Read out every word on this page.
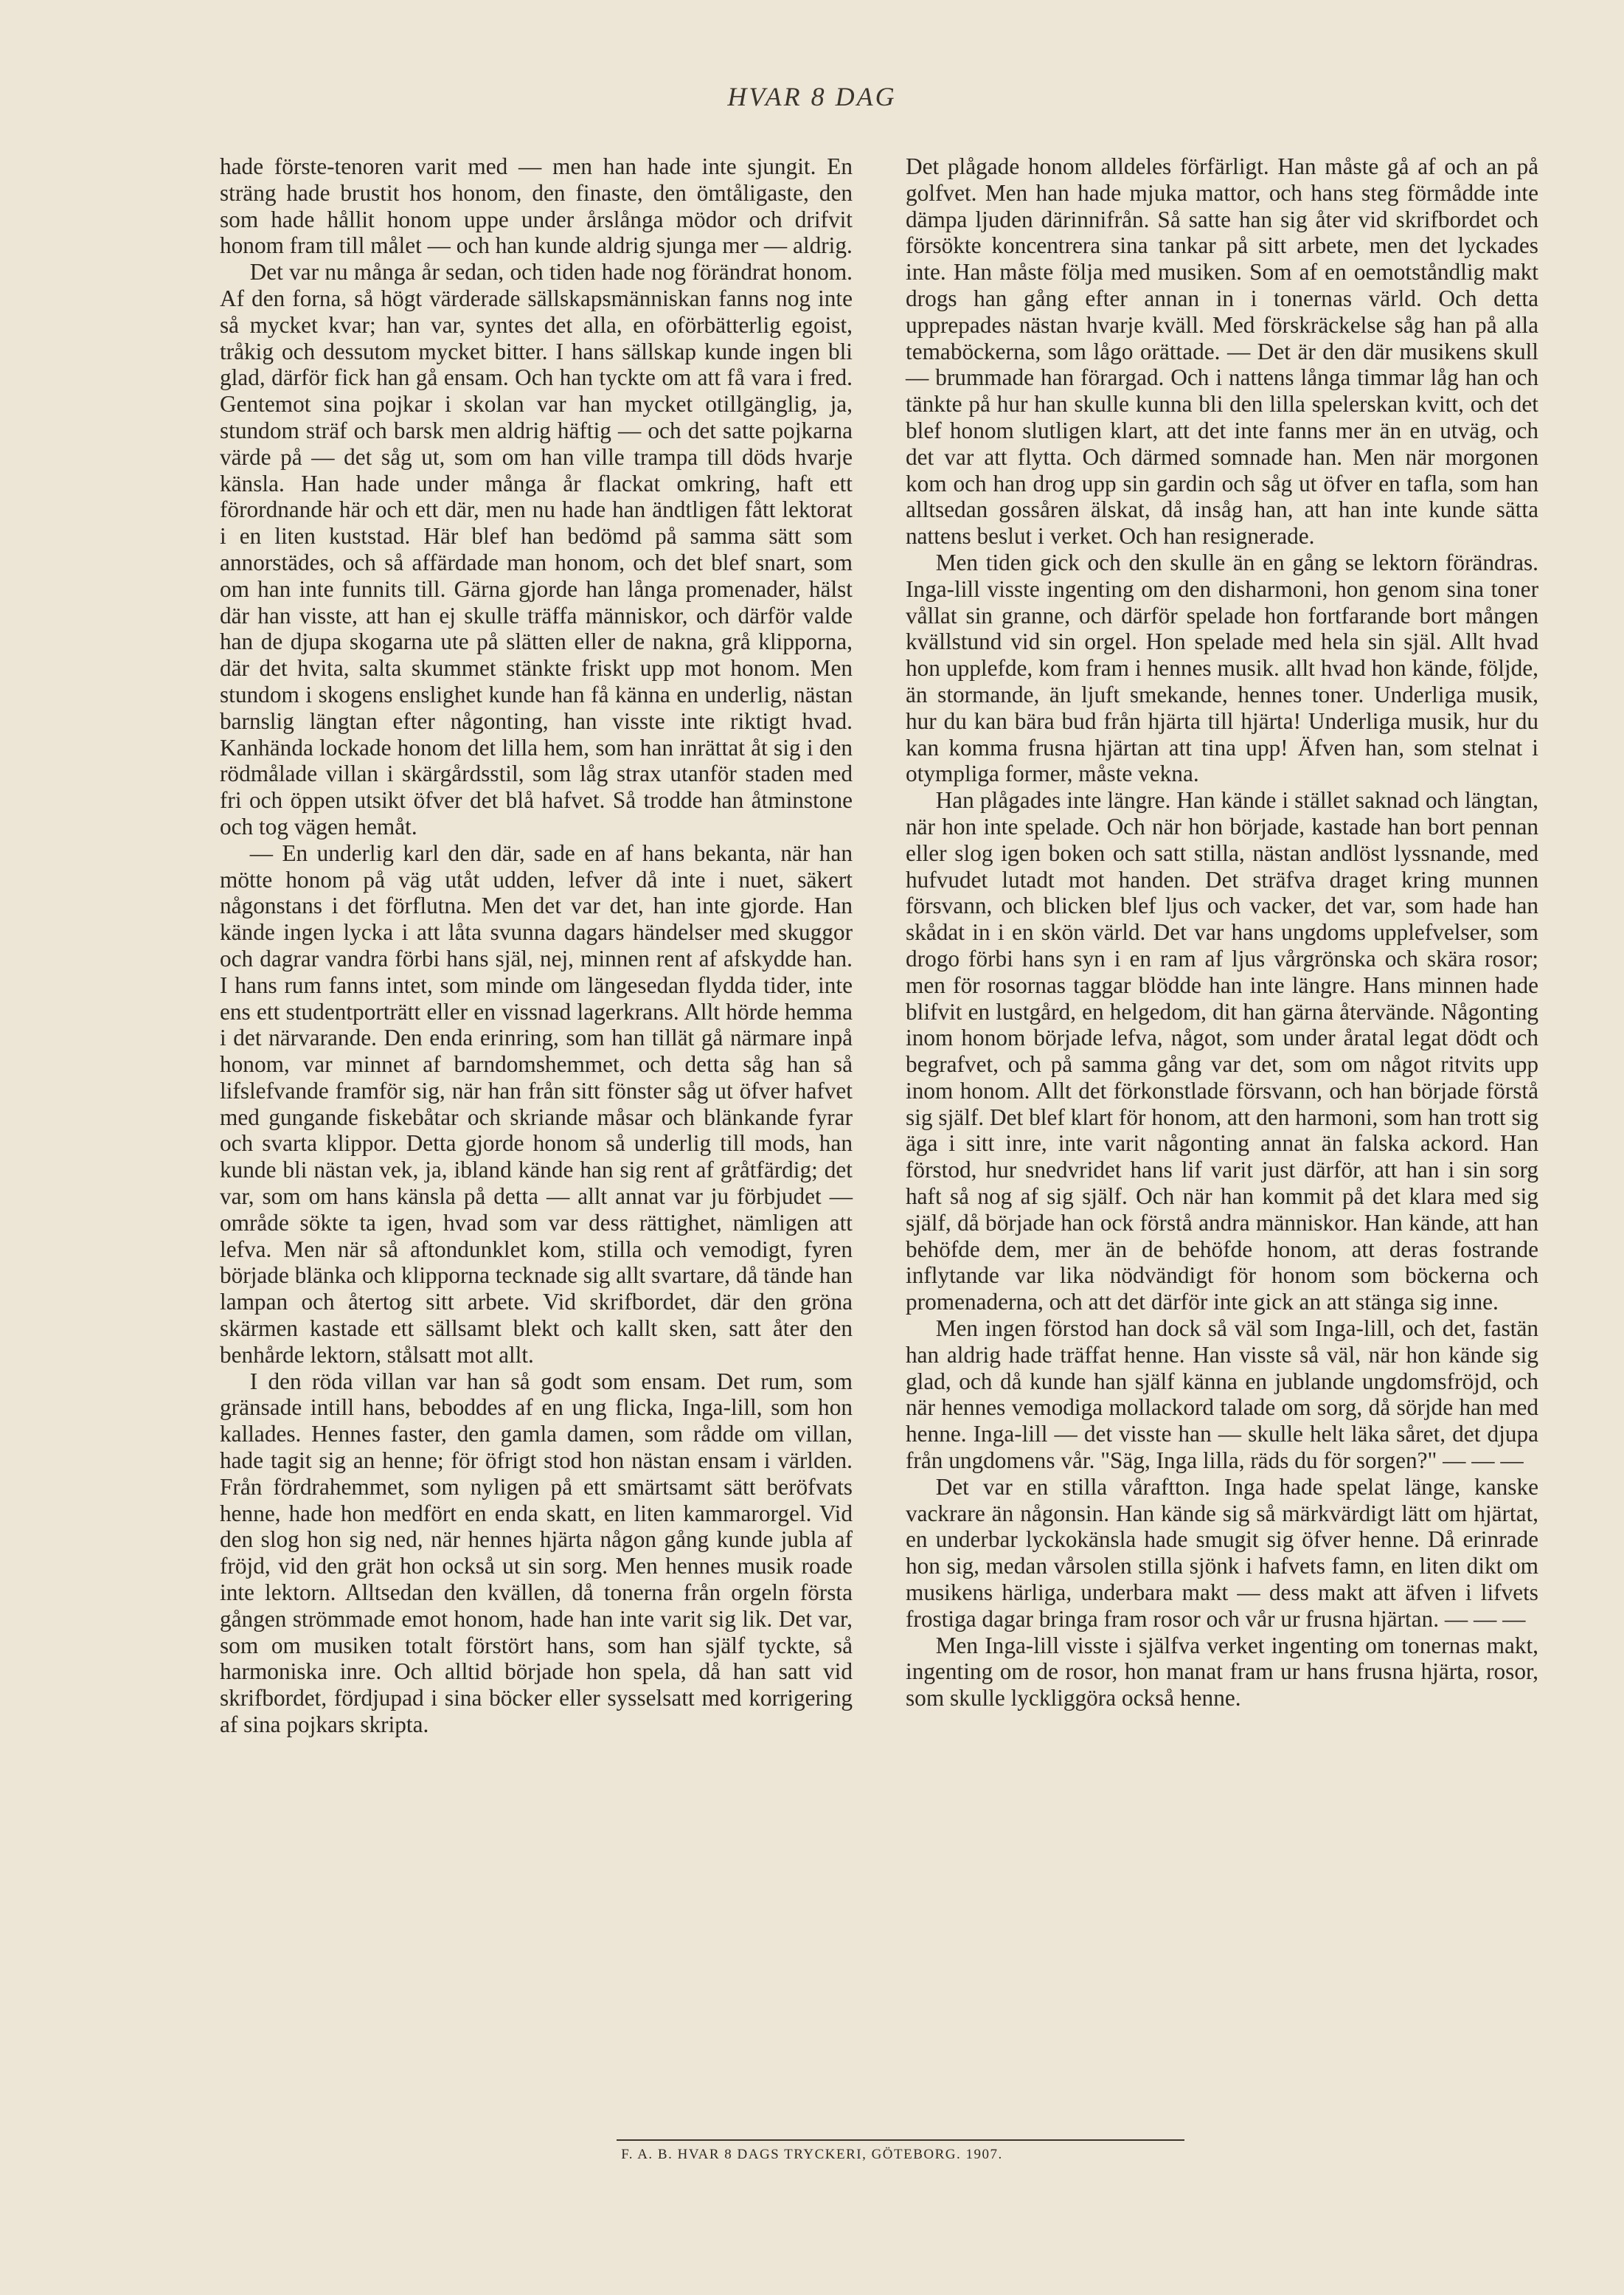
HVAR 8 DAG

hade förste-tenoren varit med — men han hade inte sjungit. En sträng hade brustit hos honom, den finaste, den ömtåligaste, den som hade hållit honom uppe under årslånga mödor och drifvit honom fram till målet — och han kunde aldrig sjunga mer — aldrig.

Det var nu många år sedan, och tiden hade nog förändrat honom. Af den forna, så högt värderade sällskapsmänniskan fanns nog inte så mycket kvar; han var, syntes det alla, en oförbätterlig egoist, tråkig och dessutom mycket bitter. I hans sällskap kunde ingen bli glad, därför fick han gå ensam. Och han tyckte om att få vara i fred. Gentemot sina pojkar i skolan var han mycket otillgänglig, ja, stundom sträf och barsk men aldrig häftig — och det satte pojkarna värde på — det såg ut, som om han ville trampa till döds hvarje känsla. Han hade under många år flackat omkring, haft ett förordnande här och ett där, men nu hade han ändtligen fått lektorat i en liten kuststad. Här blef han bedömd på samma sätt som annorstädes, och så affärdade man honom, och det blef snart, som om han inte funnits till. Gärna gjorde han långa promenader, hälst där han visste, att han ej skulle träffa människor, och därför valde han de djupa skogarna ute på slätten eller de nakna, grå klipporna, där det hvita, salta skummet stänkte friskt upp mot honom. Men stundom i skogens enslighet kunde han få känna en underlig, nästan barnslig längtan efter någonting, han visste inte riktigt hvad. Kanhända lockade honom det lilla hem, som han inrättat åt sig i den rödmålade villan i skärgårdsstil, som låg strax utanför staden med fri och öppen utsikt öfver det blå hafvet. Så trodde han åtminstone och tog vägen hemåt.

— En underlig karl den där, sade en af hans bekanta, när han mötte honom på väg utåt udden, lefver då inte i nuet, säkert någonstans i det förflutna. Men det var det, han inte gjorde. Han kände ingen lycka i att låta svunna dagars händelser med skuggor och dagrar vandra förbi hans själ, nej, minnen rent af afskydde han. I hans rum fanns intet, som minde om längesedan flydda tider, inte ens ett studentporträtt eller en vissnad lagerkrans. Allt hörde hemma i det närvarande. Den enda erinring, som han tillät gå närmare inpå honom, var minnet af barndomshemmet, och detta såg han så lifslefvande framför sig, när han från sitt fönster såg ut öfver hafvet med gungande fiskebåtar och skriande måsar och blänkande fyrar och svarta klippor. Detta gjorde honom så underlig till mods, han kunde bli nästan vek, ja, ibland kände han sig rent af gråtfärdig; det var, som om hans känsla på detta — allt annat var ju förbjudet — område sökte ta igen, hvad som var dess rättighet, nämligen att lefva. Men när så aftondunklet kom, stilla och vemodigt, fyren började blänka och klipporna tecknade sig allt svartare, då tände han lampan och återtog sitt arbete. Vid skrifbordet, där den gröna skärmen kastade ett sällsamt blekt och kallt sken, satt åter den benhårde lektorn, stålsatt mot allt.

I den röda villan var han så godt som ensam. Det rum, som gränsade intill hans, beboddes af en ung flicka, Inga-lill, som hon kallades. Hennes faster, den gamla damen, som rådde om villan, hade tagit sig an henne; för öfrigt stod hon nästan ensam i världen. Från fördrahemmet, som nyligen på ett smärtsamt sätt beröfvats henne, hade hon medfört en enda skatt, en liten kammarorgel. Vid den slog hon sig ned, när hennes hjärta någon gång kunde jubla af fröjd, vid den grät hon också ut sin sorg. Men hennes musik roade inte lektorn. Alltsedan den kvällen, då tonerna från orgeln första gången strömmade emot honom, hade han inte varit sig lik. Det var, som om musiken totalt förstört hans, som han själf tyckte, så harmoniska inre. Och alltid började hon spela, då han satt vid skrifbordet, fördjupad i sina böcker eller sysselsatt med korrigering af sina pojkars skripta.

Det plågade honom alldeles förfärligt. Han måste gå af och an på golfvet. Men han hade mjuka mattor, och hans steg förmådde inte dämpa ljuden därinnifrån. Så satte han sig åter vid skrifbordet och försökte koncentrera sina tankar på sitt arbete, men det lyckades inte. Han måste följa med musiken. Som af en oemotståndlig makt drogs han gång efter annan in i tonernas värld. Och detta upprepades nästan hvarje kväll. Med förskräckelse såg han på alla temaböckerna, som lågo orättade. — Det är den där musikens skull — brummade han förargad. Och i nattens långa timmar låg han och tänkte på hur han skulle kunna bli den lilla spelerskan kvitt, och det blef honom slutligen klart, att det inte fanns mer än en utväg, och det var att flytta. Och därmed somnade han. Men när morgonen kom och han drog upp sin gardin och såg ut öfver en tafla, som han alltsedan gossåren älskat, då insåg han, att han inte kunde sätta nattens beslut i verket. Och han resignerade.

Men tiden gick och den skulle än en gång se lektorn förändras. Inga-lill visste ingenting om den disharmoni, hon genom sina toner vållat sin granne, och därför spelade hon fortfarande bort mången kvällstund vid sin orgel. Hon spelade med hela sin själ. Allt hvad hon upplefde, kom fram i hennes musik. allt hvad hon kände, följde, än stormande, än ljuft smekande, hennes toner. Underliga musik, hur du kan bära bud från hjärta till hjärta! Underliga musik, hur du kan komma frusna hjärtan att tina upp! Äfven han, som stelnat i otympliga former, måste vekna.

Han plågades inte längre. Han kände i stället saknad och längtan, när hon inte spelade. Och när hon började, kastade han bort pennan eller slog igen boken och satt stilla, nästan andlöst lyssnande, med hufvudet lutadt mot handen. Det sträfva draget kring munnen försvann, och blicken blef ljus och vacker, det var, som hade han skådat in i en skön värld. Det var hans ungdoms upplefvelser, som drogo förbi hans syn i en ram af ljus vårgrönska och skära rosor; men för rosornas taggar blödde han inte längre. Hans minnen hade blifvit en lustgård, en helgedom, dit han gärna återvände. Någonting inom honom började lefva, något, som under åratal legat dödt och begrafvet, och på samma gång var det, som om något ritvits upp inom honom. Allt det förkonstlade försvann, och han började förstå sig själf. Det blef klart för honom, att den harmoni, som han trott sig äga i sitt inre, inte varit någonting annat än falska ackord. Han förstod, hur snedvridet hans lif varit just därför, att han i sin sorg haft så nog af sig själf. Och när han kommit på det klara med sig själf, då började han ock förstå andra människor. Han kände, att han behöfde dem, mer än de behöfde honom, att deras fostrande inflytande var lika nödvändigt för honom som böckerna och promenaderna, och att det därför inte gick an att stänga sig inne.

Men ingen förstod han dock så väl som Inga-lill, och det, fastän han aldrig hade träffat henne. Han visste så väl, när hon kände sig glad, och då kunde han själf känna en jublande ungdomsfröjd, och när hennes vemodiga mollackord talade om sorg, då sörjde han med henne. Inga-lill — det visste han — skulle helt läka såret, det djupa från ungdomens vår. "Säg, Inga lilla, räds du för sorgen?" — — —

Det var en stilla våraftton. Inga hade spelat länge, kanske vackrare än någonsin. Han kände sig så märkvärdigt lätt om hjärtat, en underbar lyckokänsla hade smugit sig öfver henne. Då erinrade hon sig, medan vårsolen stilla sjönk i hafvets famn, en liten dikt om musikens härliga, underbara makt — dess makt att äfven i lifvets frostiga dagar bringa fram rosor och vår ur frusna hjärtan. — — —

Men Inga-lill visste i själfva verket ingenting om tonernas makt, ingenting om de rosor, hon manat fram ur hans frusna hjärta, rosor, som skulle lyckliggöra också henne.

F. A. B. HVAR 8 DAGS TRYCKERI, GÖTEBORG. 1907.
